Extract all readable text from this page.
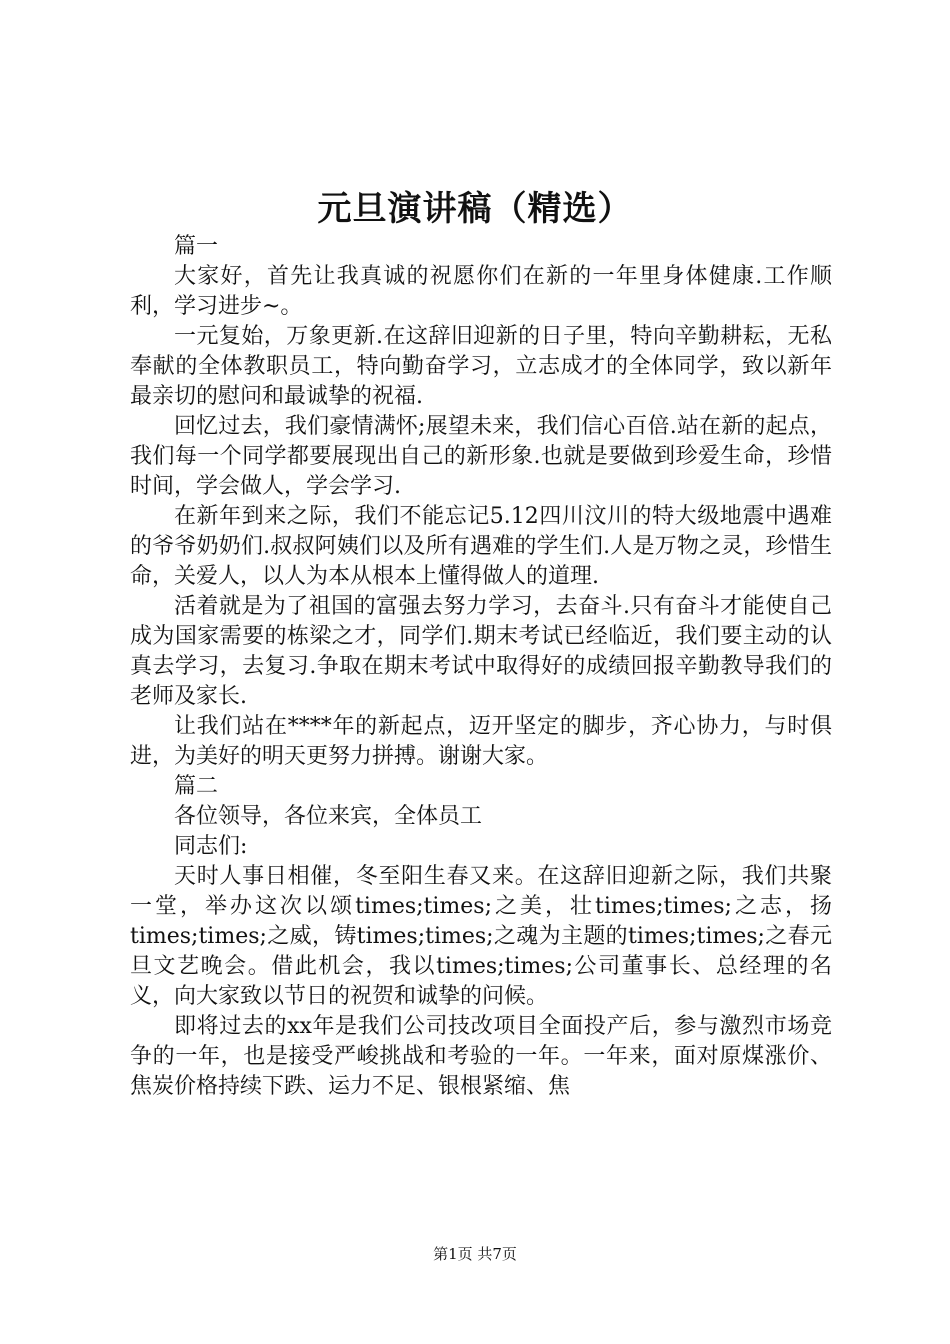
元旦演讲稿（精选）

篇一

大家好，首先让我真诚的祝愿你们在新的一年里身体健康.工作顺利，学习进步~。

一元复始，万象更新.在这辞旧迎新的日子里，特向辛勤耕耘，无私奉献的全体教职员工，特向勤奋学习，立志成才的全体同学，致以新年最亲切的慰问和最诚挚的祝福.

回忆过去，我们豪情满怀;展望未来，我们信心百倍.站在新的起点，我们每一个同学都要展现出自己的新形象.也就是要做到珍爱生命，珍惜时间，学会做人，学会学习.

在新年到来之际，我们不能忘记5.12四川汶川的特大级地震中遇难的爷爷奶奶们.叔叔阿姨们以及所有遇难的学生们.人是万物之灵，珍惜生命，关爱人，以人为本从根本上懂得做人的道理.

活着就是为了祖国的富强去努力学习，去奋斗.只有奋斗才能使自己成为国家需要的栋梁之才，同学们.期末考试已经临近，我们要主动的认真去学习，去复习.争取在期末考试中取得好的成绩回报辛勤教导我们的老师及家长.

让我们站在****年的新起点，迈开坚定的脚步，齐心协力，与时俱进，为美好的明天更努力拼搏。谢谢大家。

篇二

各位领导，各位来宾，全体员工

同志们:

天时人事日相催，冬至阳生春又来。在这辞旧迎新之际，我们共聚一堂，举办这次以颂times;times;之美，壮times;times;之志，扬times;times;之威，铸times;times;之魂为主题的times;times;之春元旦文艺晚会。借此机会，我以times;times;公司董事长、总经理的名义，向大家致以节日的祝贺和诚挚的问候。

即将过去的xx年是我们公司技改项目全面投产后，参与激烈市场竞争的一年，也是接受严峻挑战和考验的一年。一年来，面对原煤涨价、焦炭价格持续下跌、运力不足、银根紧缩、焦

第1页 共7页
